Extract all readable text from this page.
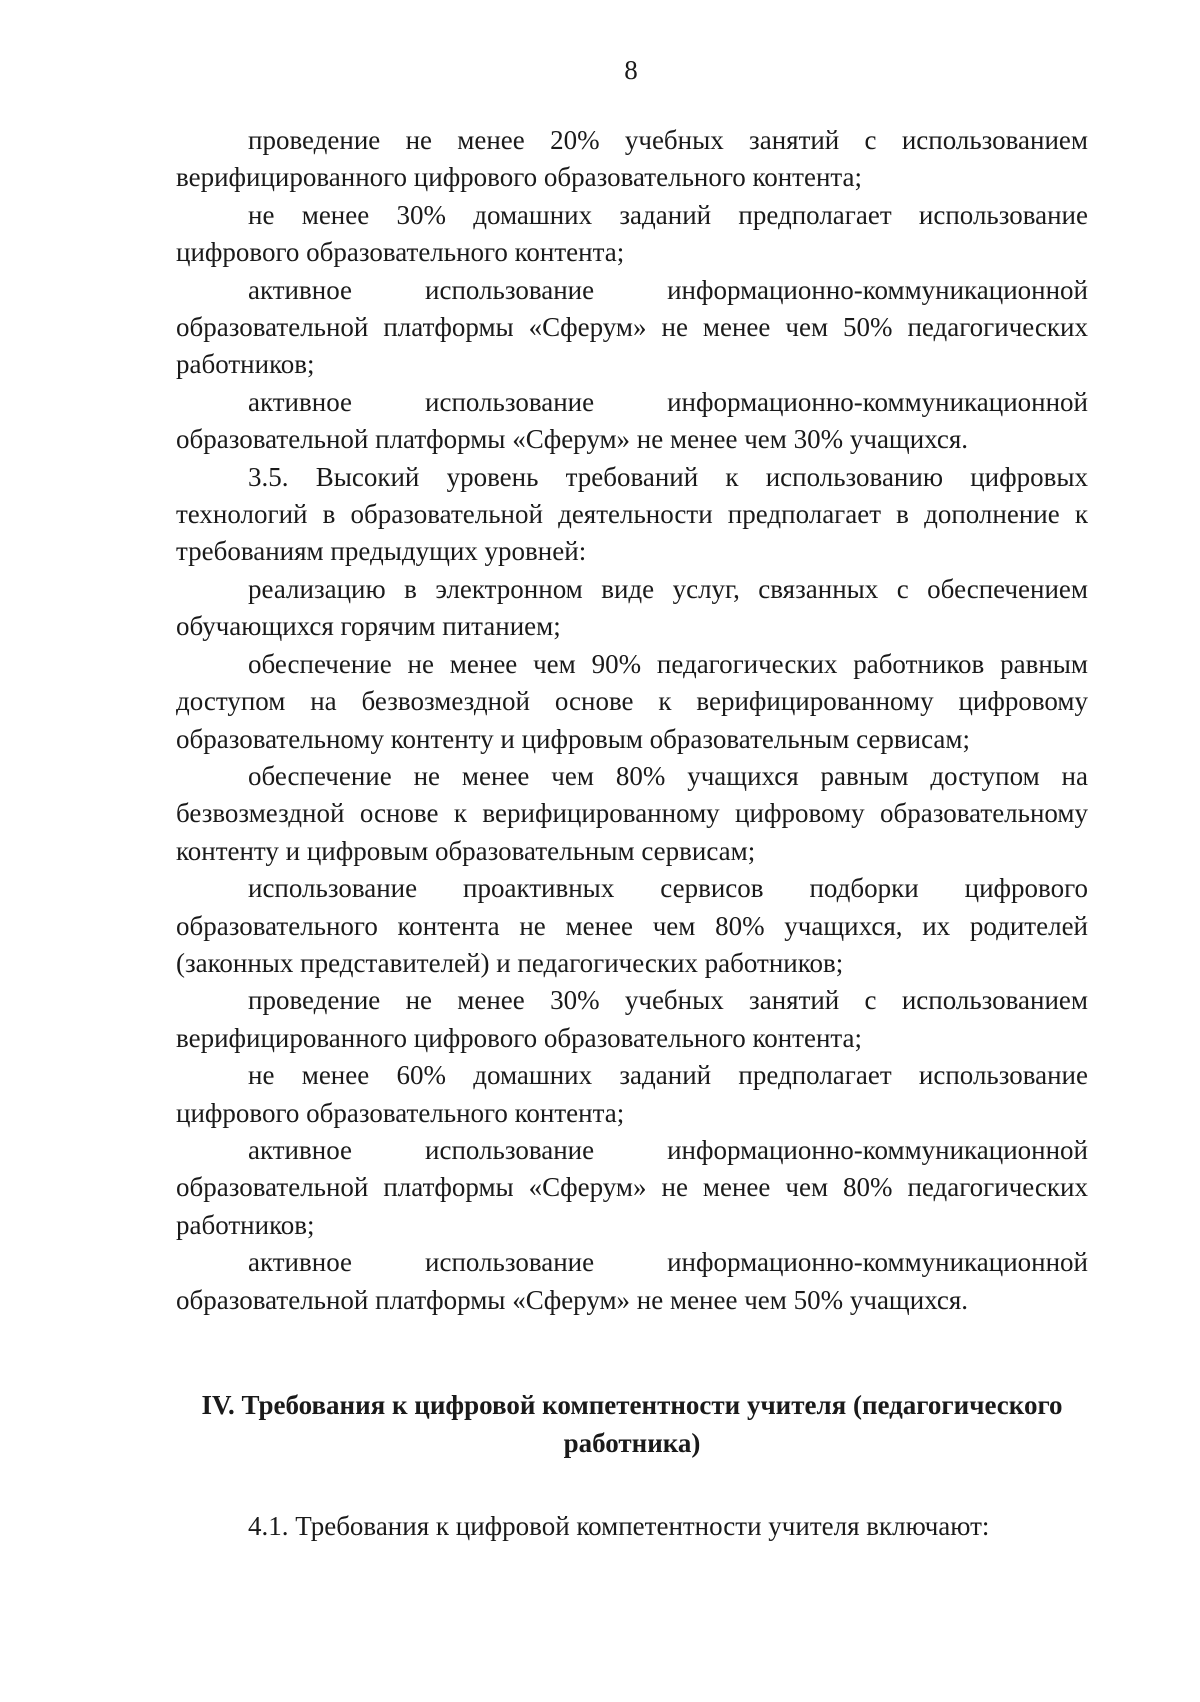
8

проведение не менее 20% учебных занятий с использованием верифицированного цифрового образовательного контента;

не менее 30% домашних заданий предполагает использование цифрового образовательного контента;

активное использование информационно-коммуникационной образовательной платформы «Сферум» не менее чем 50% педагогических работников;

активное использование информационно-коммуникационной образовательной платформы «Сферум» не менее чем 30% учащихся.

3.5. Высокий уровень требований к использованию цифровых технологий в образовательной деятельности предполагает в дополнение к требованиям предыдущих уровней:

реализацию в электронном виде услуг, связанных с обеспечением обучающихся горячим питанием;

обеспечение не менее чем 90% педагогических работников равным доступом на безвозмездной основе к верифицированному цифровому образовательному контенту и цифровым образовательным сервисам;

обеспечение не менее чем 80% учащихся равным доступом на безвозмездной основе к верифицированному цифровому образовательному контенту и цифровым образовательным сервисам;

использование проактивных сервисов подборки цифрового образовательного контента не менее чем 80% учащихся, их родителей (законных представителей) и педагогических работников;

проведение не менее 30% учебных занятий с использованием верифицированного цифрового образовательного контента;

не менее 60% домашних заданий предполагает использование цифрового образовательного контента;

активное использование информационно-коммуникационной образовательной платформы «Сферум» не менее чем 80% педагогических работников;

активное использование информационно-коммуникационной образовательной платформы «Сферум» не менее чем 50% учащихся.

IV. Требования к цифровой компетентности учителя (педагогического работника)
4.1. Требования к цифровой компетентности учителя включают:
